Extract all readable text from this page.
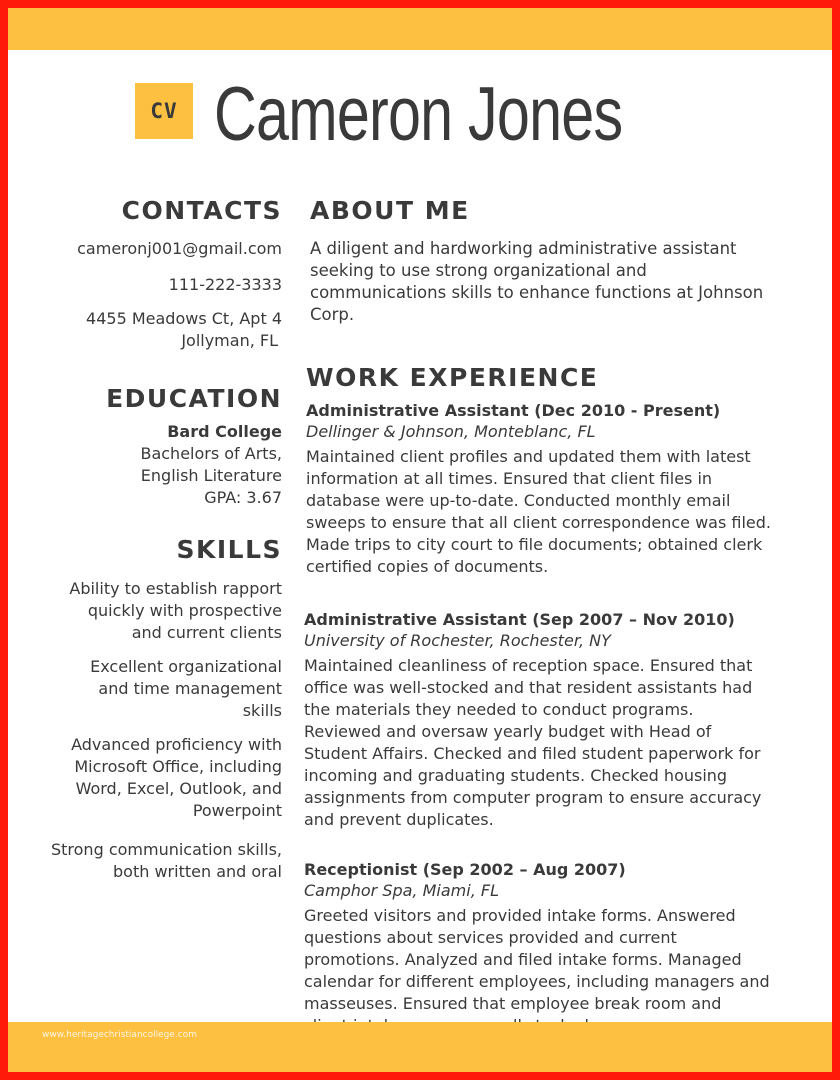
CV Cameron Jones
CONTACTS
cameronj001@gmail.com
111-222-3333
4455 Meadows Ct, Apt 4
Jollyman, FL
EDUCATION
Bard College
Bachelors of Arts,
English Literature
GPA: 3.67
SKILLS
Ability to establish rapport quickly with prospective and current clients
Excellent organizational and time management skills
Advanced proficiency with Microsoft Office, including Word, Excel, Outlook, and Powerpoint
Strong communication skills, both written and oral
ABOUT ME
A diligent and hardworking administrative assistant seeking to use strong organizational and communications skills to enhance functions at Johnson Corp.
WORK EXPERIENCE
Administrative Assistant (Dec 2010 - Present)
Dellinger & Johnson, Monteblanc, FL
Maintained client profiles and updated them with latest information at all times. Ensured that client files in database were up-to-date. Conducted monthly email sweeps to ensure that all client correspondence was filed. Made trips to city court to file documents; obtained clerk certified copies of documents.
Administrative Assistant (Sep 2007 – Nov 2010)
University of Rochester, Rochester, NY
Maintained cleanliness of reception space. Ensured that office was well-stocked and that resident assistants had the materials they needed to conduct programs. Reviewed and oversaw yearly budget with Head of Student Affairs. Checked and filed student paperwork for incoming and graduating students. Checked housing assignments from computer program to ensure accuracy and prevent duplicates.
Receptionist (Sep 2002 – Aug 2007)
Camphor Spa, Miami, FL
Greeted visitors and provided intake forms. Answered questions about services provided and current promotions. Analyzed and filed intake forms. Managed calendar for different employees, including managers and masseuses. Ensured that employee break room and
www.heritagechristiancollege.com
